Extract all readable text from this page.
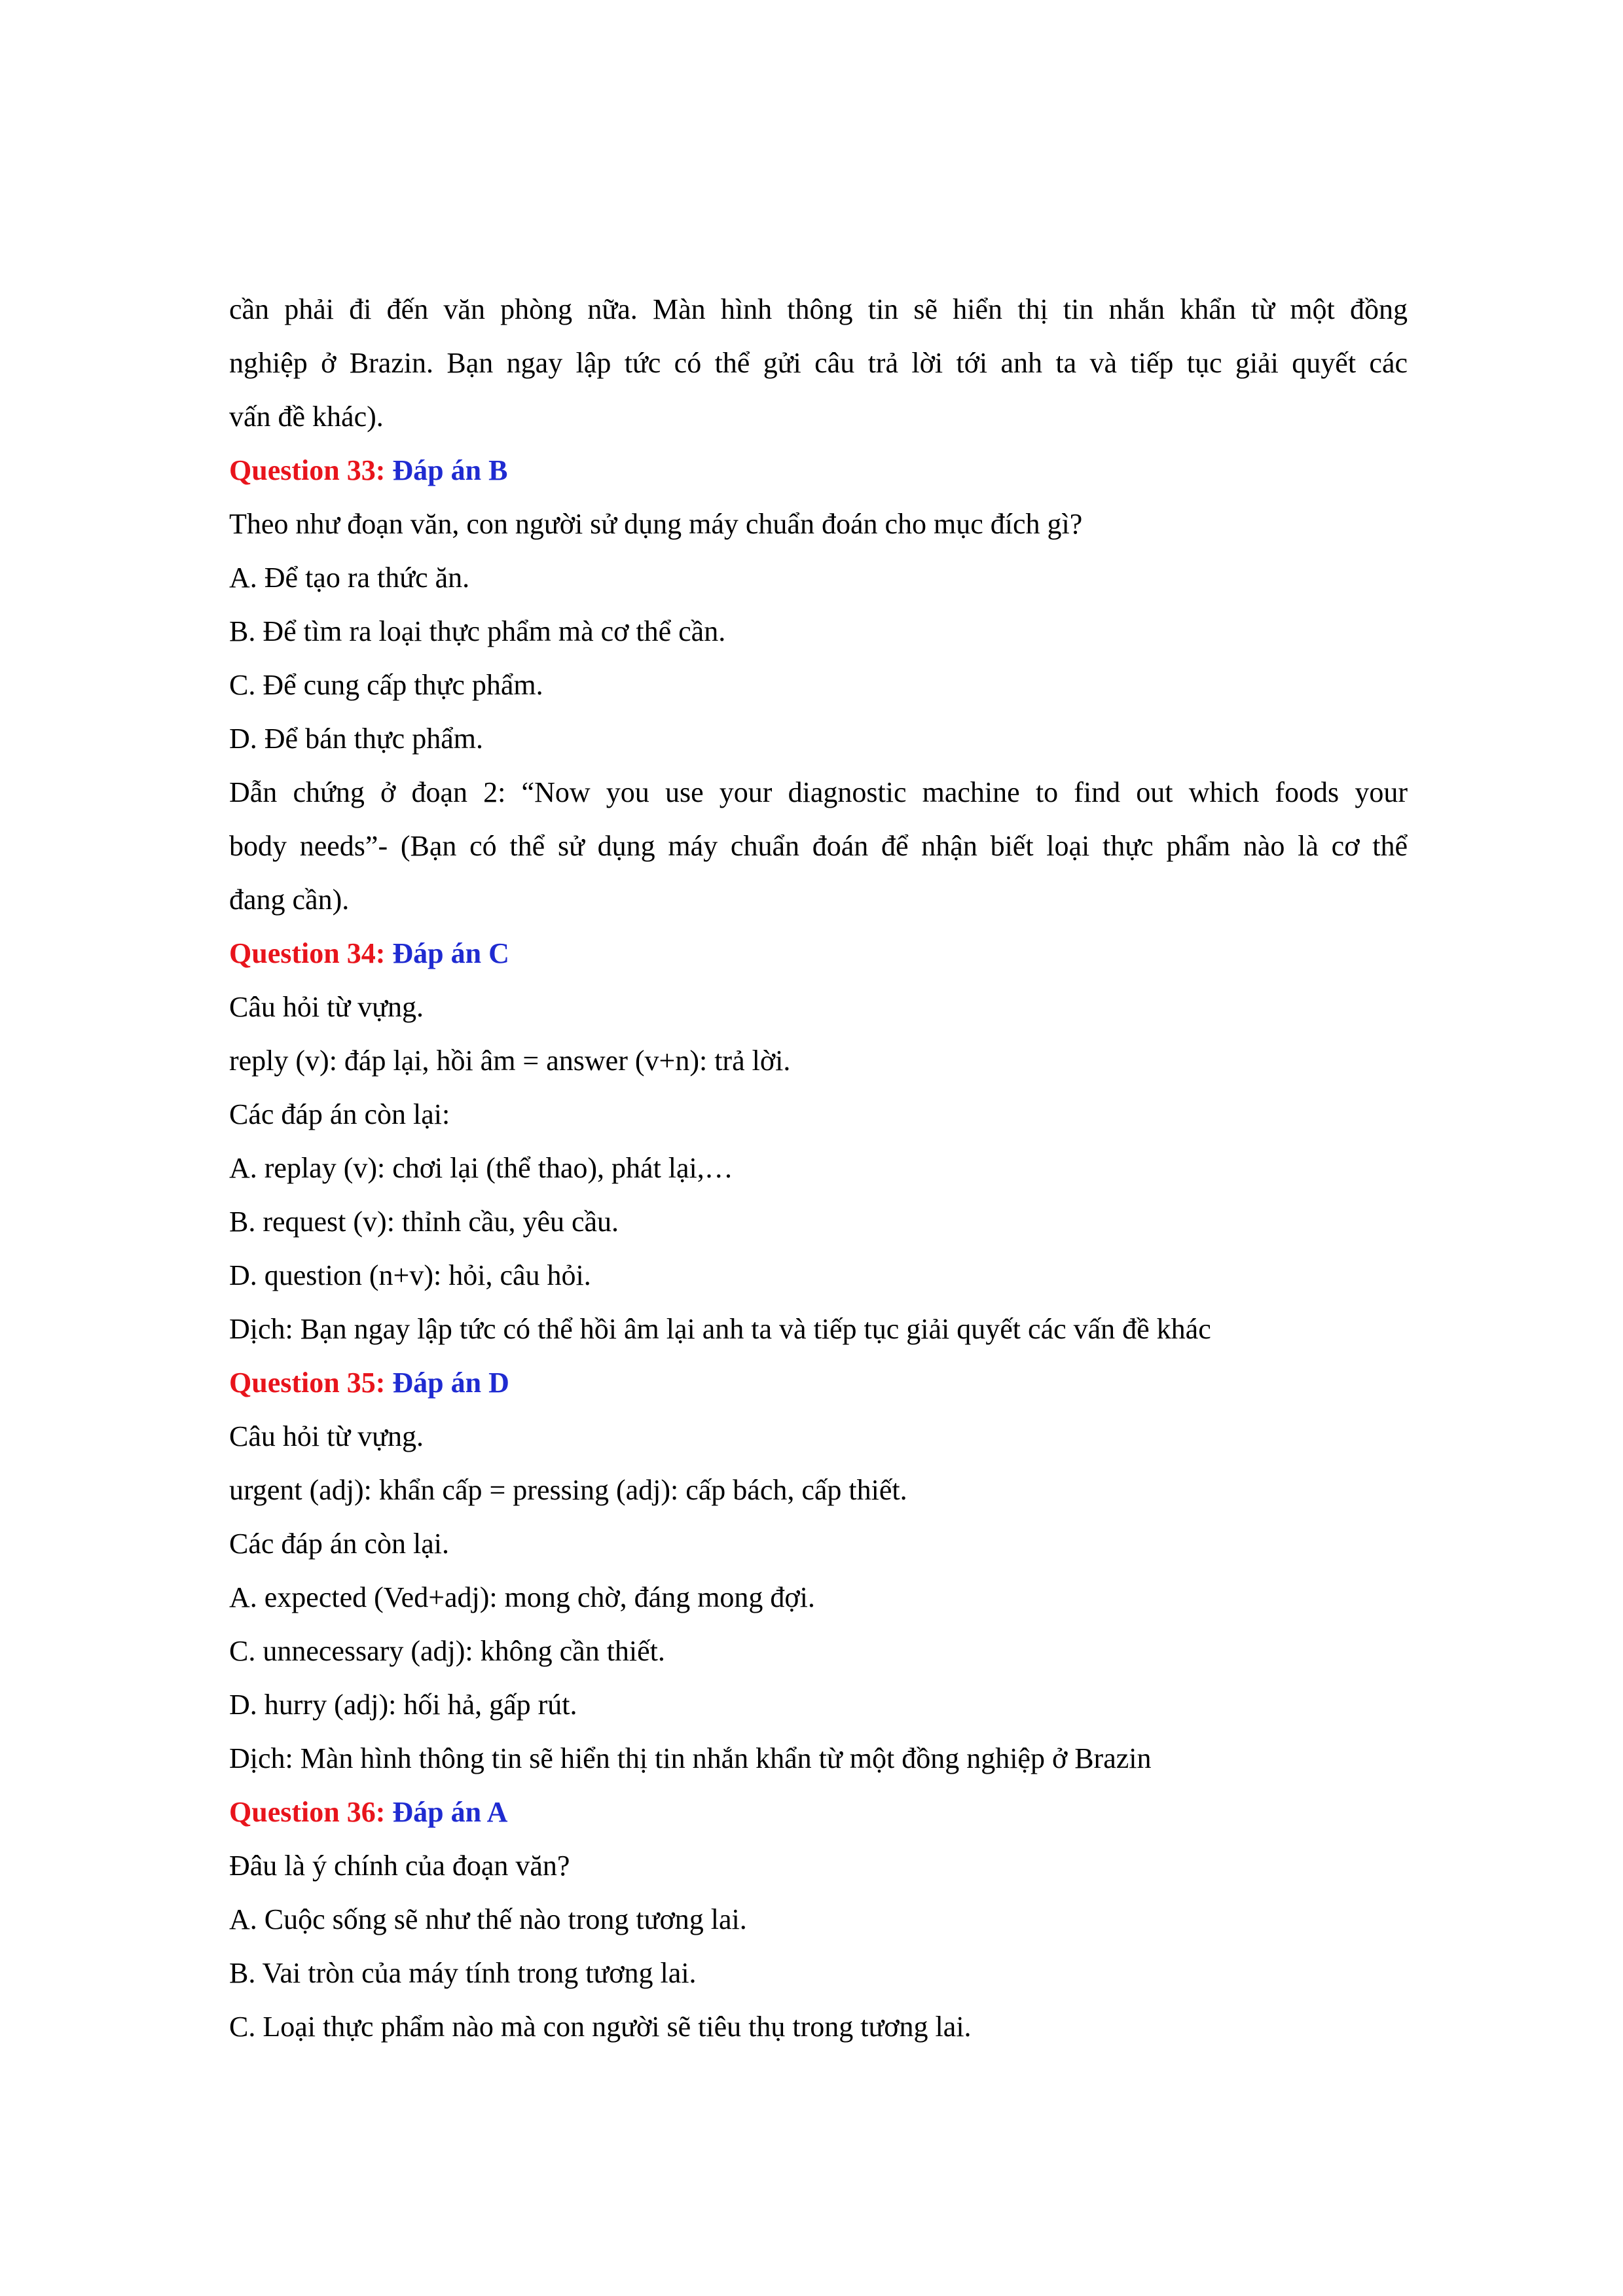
cần phải đi đến văn phòng nữa. Màn hình thông tin sẽ hiển thị tin nhắn khẩn từ một đồng
nghiệp ở Brazin. Bạn ngay lập tức có thể gửi câu trả lời tới anh ta và tiếp tục giải quyết các
vấn đề khác).
Question 33: Đáp án B
Theo như đoạn văn, con người sử dụng máy chuẩn đoán cho mục đích gì?
A. Để tạo ra thức ăn.
B. Để tìm ra loại thực phẩm mà cơ thể cần.
C. Để cung cấp thực phẩm.
D. Để bán thực phẩm.
Dẫn chứng ở đoạn 2: “Now you use your diagnostic machine to find out which foods your
body needs”- (Bạn có thể sử dụng máy chuẩn đoán để nhận biết loại thực phẩm nào là cơ thể
đang cần).
Question 34: Đáp án C
Câu hỏi từ vựng.
reply (v): đáp lại, hồi âm = answer (v+n): trả lời.
Các đáp án còn lại:
A. replay (v): chơi lại (thể thao), phát lại,…
B. request (v): thỉnh cầu, yêu cầu.
D. question (n+v): hỏi, câu hỏi.
Dịch: Bạn ngay lập tức có thể hồi âm lại anh ta và tiếp tục giải quyết các vấn đề khác
Question 35: Đáp án D
Câu hỏi từ vựng.
urgent (adj): khẩn cấp = pressing (adj): cấp bách, cấp thiết.
Các đáp án còn lại.
A. expected (Ved+adj): mong chờ, đáng mong đợi.
C. unnecessary (adj): không cần thiết.
D. hurry (adj): hối hả, gấp rút.
Dịch: Màn hình thông tin sẽ hiển thị tin nhắn khẩn từ một đồng nghiệp ở Brazin
Question 36: Đáp án A
Đâu là ý chính của đoạn văn?
A. Cuộc sống sẽ như thế nào trong tương lai.
B. Vai tròn của máy tính trong tương lai.
C. Loại thực phẩm nào mà con người sẽ tiêu thụ trong tương lai.
